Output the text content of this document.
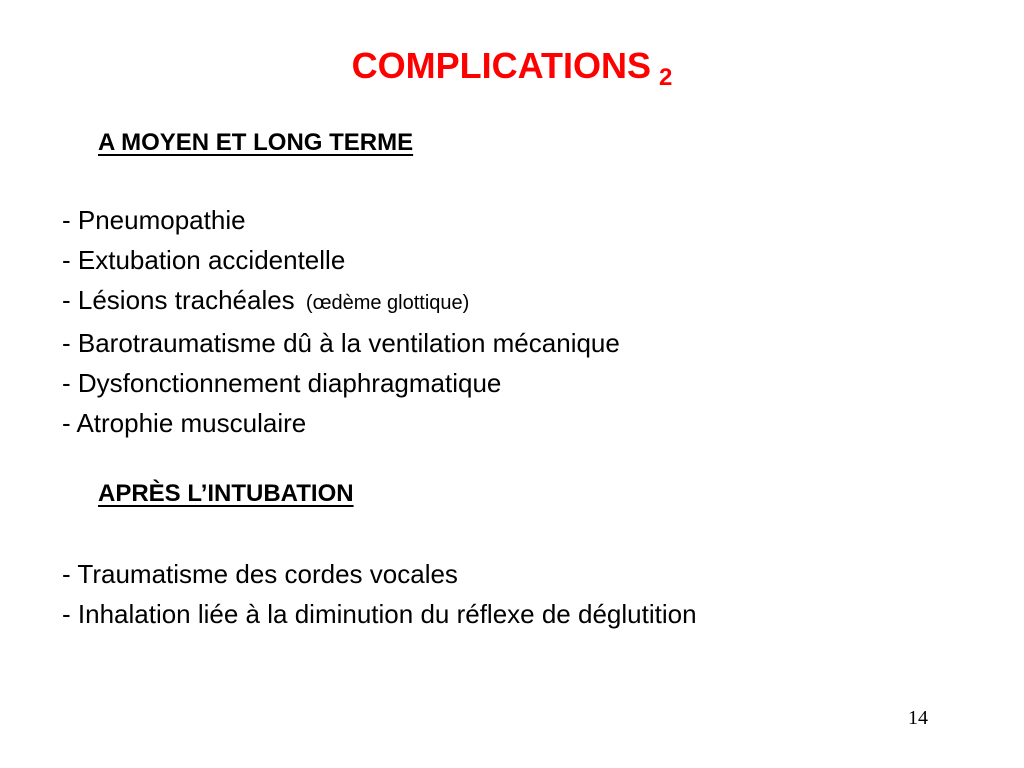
COMPLICATIONS $_2$
A MOYEN ET LONG TERME
- Pneumopathie
- Extubation accidentelle
- Lésions trachéales (œdème glottique)
- Barotraumatisme dû à la ventilation mécanique
- Dysfonctionnement diaphragmatique
- Atrophie musculaire
APRÈS L’INTUBATION
- Traumatisme des cordes vocales
- Inhalation liée à la diminution du réflexe de déglutition
14
